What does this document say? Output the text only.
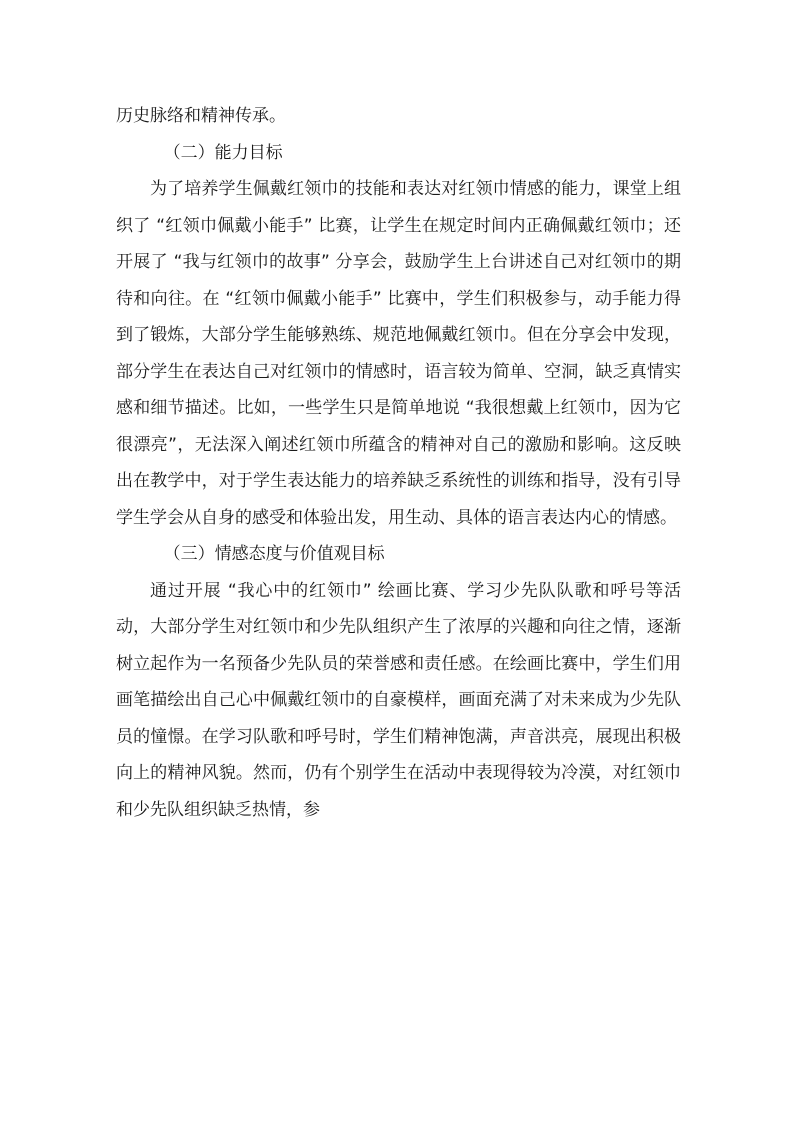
历史脉络和精神传承。

（二）能力目标

为了培养学生佩戴红领巾的技能和表达对红领巾情感的能力，课堂上组织了 “红领巾佩戴小能手” 比赛，让学生在规定时间内正确佩戴红领巾；还开展了 “我与红领巾的故事” 分享会，鼓励学生上台讲述自己对红领巾的期待和向往。在 “红领巾佩戴小能手” 比赛中，学生们积极参与，动手能力得到了锻炼，大部分学生能够熟练、规范地佩戴红领巾。但在分享会中发现，部分学生在表达自己对红领巾的情感时，语言较为简单、空洞，缺乏真情实感和细节描述。比如，一些学生只是简单地说 “我很想戴上红领巾，因为它很漂亮”，无法深入阐述红领巾所蕴含的精神对自己的激励和影响。这反映出在教学中，对于学生表达能力的培养缺乏系统性的训练和指导，没有引导学生学会从自身的感受和体验出发，用生动、具体的语言表达内心的情感。

（三）情感态度与价值观目标

通过开展 “我心中的红领巾” 绘画比赛、学习少先队队歌和呼号等活动，大部分学生对红领巾和少先队组织产生了浓厚的兴趣和向往之情，逐渐树立起作为一名预备少先队员的荣誉感和责任感。在绘画比赛中，学生们用画笔描绘出自己心中佩戴红领巾的自豪模样，画面充满了对未来成为少先队员的憧憬。在学习队歌和呼号时，学生们精神饱满，声音洪亮，展现出积极向上的精神风貌。然而，仍有个别学生在活动中表现得较为冷漠，对红领巾和少先队组织缺乏热情，参
